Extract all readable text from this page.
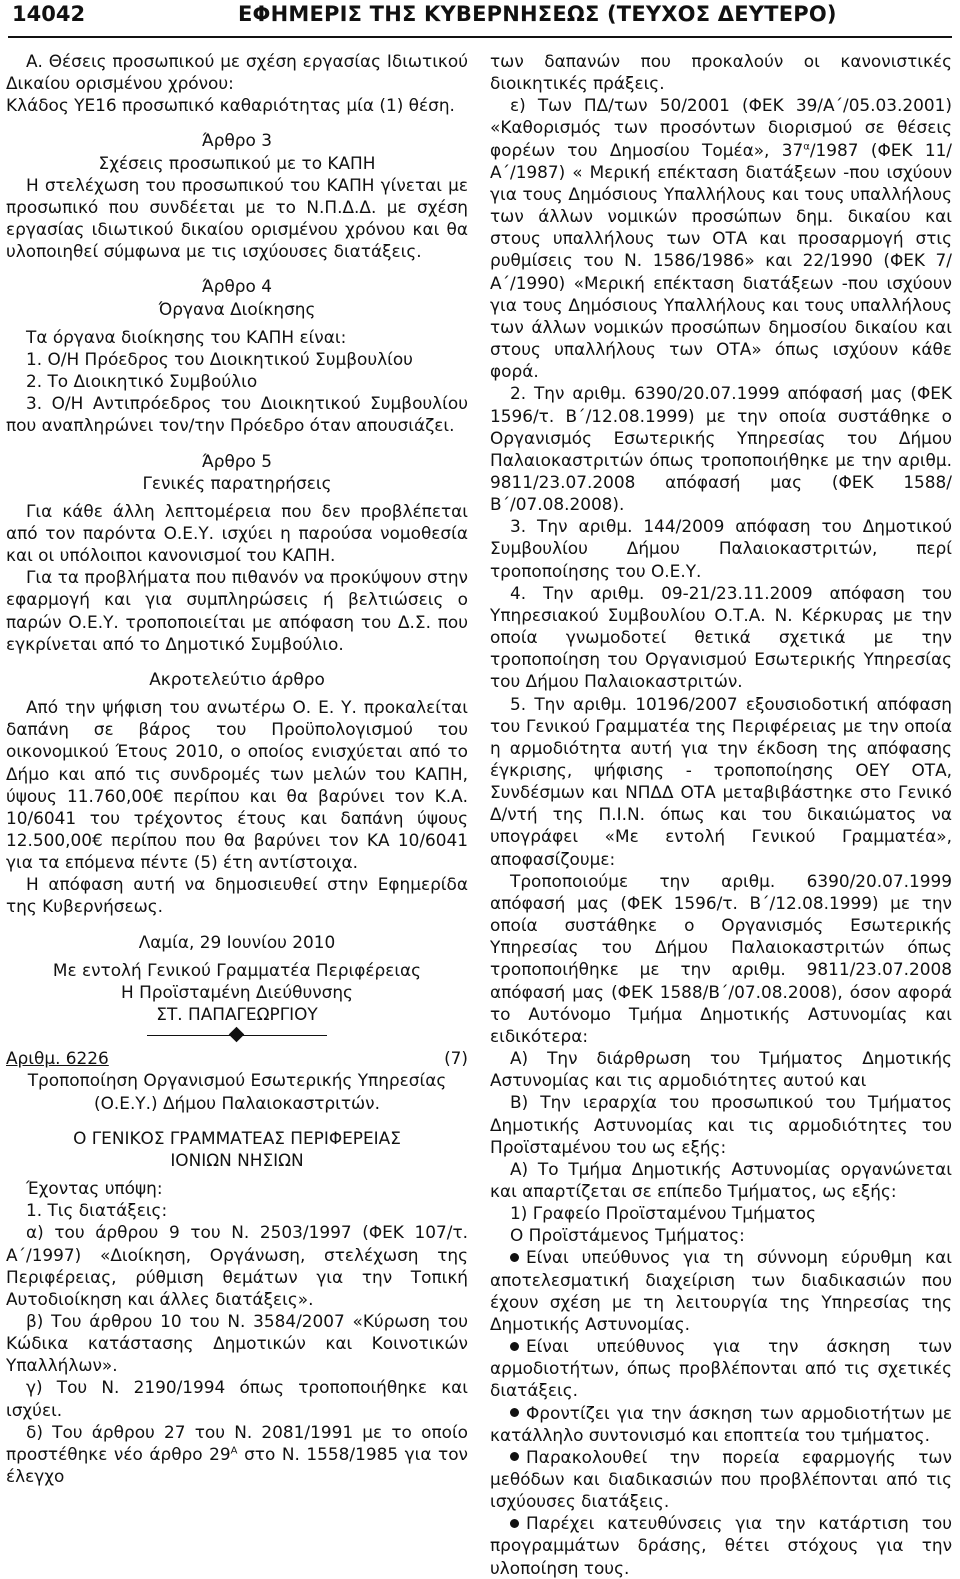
14042	ΕΦΗΜΕΡΙΣ ΤΗΣ ΚΥΒΕΡΝΗΣΕΩΣ (ΤΕΥΧΟΣ ΔΕΥΤΕΡΟ)

Α. Θέσεις προσωπικού με σχέση εργασίας Ιδιωτικού Δικαίου ορισμένου χρόνου:

Κλάδος ΥΕ16 προσωπικό καθαριότητας μία (1) θέση.

Άρθρο 3

Σχέσεις προσωπικού με το ΚΑΠΗ

Η στελέχωση του προσωπικού του ΚΑΠΗ γίνεται με προσωπικό που συνδέεται με το Ν.Π.Δ.Δ. με σχέση εργασίας ιδιωτικού δικαίου ορισμένου χρόνου και θα υλοποιηθεί σύμφωνα με τις ισχύουσες διατάξεις.

Άρθρο 4

Όργανα Διοίκησης

Τα όργανα διοίκησης του ΚΑΠΗ είναι:

1. Ο/Η Πρόεδρος του Διοικητικού Συμβουλίου

2. Το Διοικητικό Συμβούλιο

3. Ο/Η Αντιπρόεδρος του Διοικητικού Συμβουλίου που αναπληρώνει τον/την Πρόεδρο όταν απουσιάζει.

Άρθρο 5

Γενικές παρατηρήσεις

Για κάθε άλλη λεπτομέρεια που δεν προβλέπεται από τον παρόντα Ο.Ε.Υ. ισχύει η παρούσα νομοθεσία και οι υπόλοιποι κανονισμοί του ΚΑΠΗ.

Για τα προβλήματα που πιθανόν να προκύψουν στην εφαρμογή και για συμπληρώσεις ή βελτιώσεις ο παρών Ο.Ε.Υ. τροποποιείται με απόφαση του Δ.Σ. που εγκρίνεται από το Δημοτικό Συμβούλιο.

Ακροτελεύτιο άρθρο

Από την ψήφιση του ανωτέρω Ο. Ε. Υ. προκαλείται δαπάνη σε βάρος του Προϋπολογισμού του οικονομικού Έτους 2010, ο οποίος ενισχύεται από το Δήμο και από τις συνδρομές των μελών του ΚΑΠΗ, ύψους 11.760,00€ περίπου και θα βαρύνει τον Κ.Α. 10/6041 του τρέχοντος έτους και δαπάνη ύψους 12.500,00€ περίπου που θα βαρύνει τον ΚΑ 10/6041 για τα επόμενα πέντε (5) έτη αντίστοιχα.

Η απόφαση αυτή να δημοσιευθεί στην Εφημερίδα της Κυβερνήσεως.

Λαμία, 29 Ιουνίου 2010

Με εντολή Γενικού Γραμματέα Περιφέρειας

Η Προϊσταμένη Διεύθυνσης

ΣΤ. ΠΑΠΑΓΕΩΡΓΙΟΥ

Αριθμ. 6226	(7)

Τροποποίηση Οργανισμού Εσωτερικής Υπηρεσίας (Ο.Ε.Υ.) Δήμου Παλαιοκαστριτών.

Ο ΓΕΝΙΚΟΣ ΓΡΑΜΜΑΤΕΑΣ ΠΕΡΙΦΕΡΕΙΑΣ

ΙΟΝΙΩΝ ΝΗΣΙΩΝ

Έχοντας υπόψη:

1. Τις διατάξεις:

α) του άρθρου 9 του Ν. 2503/1997 (ΦΕΚ 107/τ. Α΄/1997) «Διοίκηση, Οργάνωση, στελέχωση της Περιφέρειας, ρύθμιση θεμάτων για την Τοπική Αυτοδιοίκηση και άλλες διατάξεις».

β) Του άρθρου 10 του Ν. 3584/2007 «Κύρωση του Κώδικα κατάστασης Δημοτικών και Κοινοτικών Υπαλλήλων».

γ) Του Ν. 2190/1994 όπως τροποποιήθηκε και ισχύει.

δ) Του άρθρου 27 του Ν. 2081/1991 με το οποίο προστέθηκε νέο άρθρο $29^A$ στο Ν. 1558/1985 για τον έλεγχο

των δαπανών που προκαλούν οι κανονιστικές διοικητικές πράξεις.

ε) Των ΠΔ/των 50/2001 (ΦΕΚ 39/Α΄/05.03.2001) «Καθορισμός των προσόντων διορισμού σε θέσεις φορέων του Δημοσίου Τομέα», $37^\alpha/1987$ (ΦΕΚ 11/Α΄/1987) « Μερική επέκταση διατάξεων -που ισχύουν για τους Δημόσιους Υπαλλήλους και τους υπαλλήλους των άλλων νομικών προσώπων δημ. δικαίου και στους υπαλλήλους των ΟΤΑ και προσαρμογή στις ρυθμίσεις του Ν. 1586/1986» και 22/1990 (ΦΕΚ 7/Α΄/1990) «Μερική επέκταση διατάξεων -που ισχύουν για τους Δημόσιους Υπαλλήλους και τους υπαλλήλους των άλλων νομικών προσώπων δημοσίου δικαίου και στους υπαλλήλους των ΟΤΑ» όπως ισχύουν κάθε φορά.

2. Την αριθμ. 6390/20.07.1999 απόφασή μας (ΦΕΚ 1596/τ. Β΄/12.08.1999) με την οποία συστάθηκε ο Οργανισμός Εσωτερικής Υπηρεσίας του Δήμου Παλαιοκαστριτών όπως τροποποιήθηκε με την αριθμ. 9811/23.07.2008 απόφασή μας (ΦΕΚ 1588/Β΄/07.08.2008).

3. Την αριθμ. 144/2009 απόφαση του Δημοτικού Συμβουλίου Δήμου Παλαιοκαστριτών, περί τροποποίησης του Ο.Ε.Υ.

4. Την αριθμ. 09-21/23.11.2009 απόφαση του Υπηρεσιακού Συμβουλίου Ο.Τ.Α. Ν. Κέρκυρας με την οποία γνωμοδοτεί θετικά σχετικά με την τροποποίηση του Οργανισμού Εσωτερικής Υπηρεσίας του Δήμου Παλαιοκαστριτών.

5. Την αριθμ. 10196/2007 εξουσιοδοτική απόφαση του Γενικού Γραμματέα της Περιφέρειας με την οποία η αρμοδιότητα αυτή για την έκδοση της απόφασης έγκρισης, ψήφισης - τροποποίησης ΟΕΥ ΟΤΑ, Συνδέσμων και ΝΠΔΔ ΟΤΑ μεταβιβάστηκε στο Γενικό Δ/ντή της Π.Ι.Ν. όπως και του δικαιώματος να υπογράφει «Με εντολή Γενικού Γραμματέα», αποφασίζουμε:

Τροποποιούμε την αριθμ. 6390/20.07.1999 απόφασή μας (ΦΕΚ 1596/τ. Β΄/12.08.1999) με την οποία συστάθηκε ο Οργανισμός Εσωτερικής Υπηρεσίας του Δήμου Παλαιοκαστριτών όπως τροποποιήθηκε με την αριθμ. 9811/23.07.2008 απόφασή μας (ΦΕΚ 1588/Β΄/07.08.2008), όσον αφορά το Αυτόνομο Τμήμα Δημοτικής Αστυνομίας και ειδικότερα:

Α) Την διάρθρωση του Τμήματος Δημοτικής Αστυνομίας και τις αρμοδιότητες αυτού και

Β) Την ιεραρχία του προσωπικού του Τμήματος Δημοτικής Αστυνομίας και τις αρμοδιότητες του Προϊσταμένου του ως εξής:

Α) Το Τμήμα Δημοτικής Αστυνομίας οργανώνεται και απαρτίζεται σε επίπεδο Τμήματος, ως εξής:

1) Γραφείο Προϊσταμένου Τμήματος

Ο Προϊστάμενος Τμήματος:

Είναι υπεύθυνος για τη σύννομη εύρυθμη και αποτελεσματική διαχείριση των διαδικασιών που έχουν σχέση με τη λειτουργία της Υπηρεσίας της Δημοτικής Αστυνομίας.

Είναι υπεύθυνος για την άσκηση των αρμοδιοτήτων, όπως προβλέπονται από τις σχετικές διατάξεις.

Φροντίζει για την άσκηση των αρμοδιοτήτων με κατάλληλο συντονισμό και εποπτεία του τμήματος.

Παρακολουθεί την πορεία εφαρμογής των μεθόδων και διαδικασιών που προβλέπονται από τις ισχύουσες διατάξεις.

Παρέχει κατευθύνσεις για την κατάρτιση του προγραμμάτων δράσης, θέτει στόχους για την υλοποίηση τους.
